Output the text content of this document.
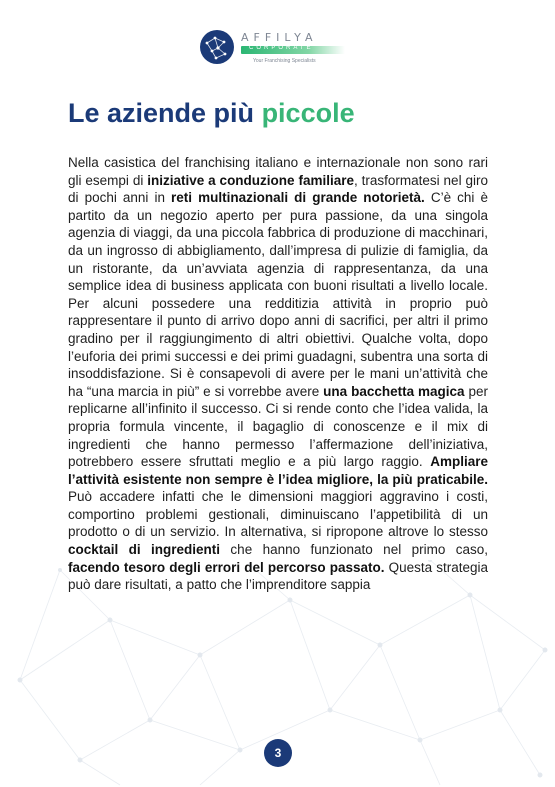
AFFILYA
CORPORATE
Your Franchising Specialists
Le aziende più piccole

Nella casistica del franchising italiano e internazionale non sono rari gli esempi di iniziative a conduzione familiare, trasformatesi nel giro di pochi anni in reti multinazionali di grande notorietà. C’è chi è partito da un negozio aperto per pura passione, da una singola agenzia di viaggi, da una piccola fabbrica di produzione di macchinari, da un ingrosso di abbigliamento, dall’impresa di pulizie di famiglia, da un ristorante, da un’avviata agenzia di rappresentanza, da una semplice idea di business applicata con buoni risultati a livello locale. Per alcuni possedere una redditizia attività in proprio può rappresentare il punto di arrivo dopo anni di sacrifici, per altri il primo gradino per il raggiungimento di altri obiettivi. Qualche volta, dopo l’euforia dei primi successi e dei primi guadagni, subentra una sorta di insoddisfazione. Si è consapevoli di avere per le mani un’attività che ha “una marcia in più” e si vorrebbe avere una bacchetta magica per replicarne all’infinito il successo. Ci si rende conto che l’idea valida, la propria formula vincente, il bagaglio di conoscenze e il mix di ingredienti che hanno permesso l’affermazione dell’iniziativa, potrebbero essere sfruttati meglio e a più largo raggio. Ampliare l’attività esistente non sempre è l’idea migliore, la più praticabile. Può accadere infatti che le dimensioni maggiori aggravino i costi, comportino problemi gestionali, diminuiscano l’appetibilità di un prodotto o di un servizio. In alternativa, si ripropone altrove lo stesso cocktail di ingredienti che hanno funzionato nel primo caso, facendo tesoro degli errori del percorso passato. Questa strategia può dare risultati, a patto che l’imprenditore sappia

3
